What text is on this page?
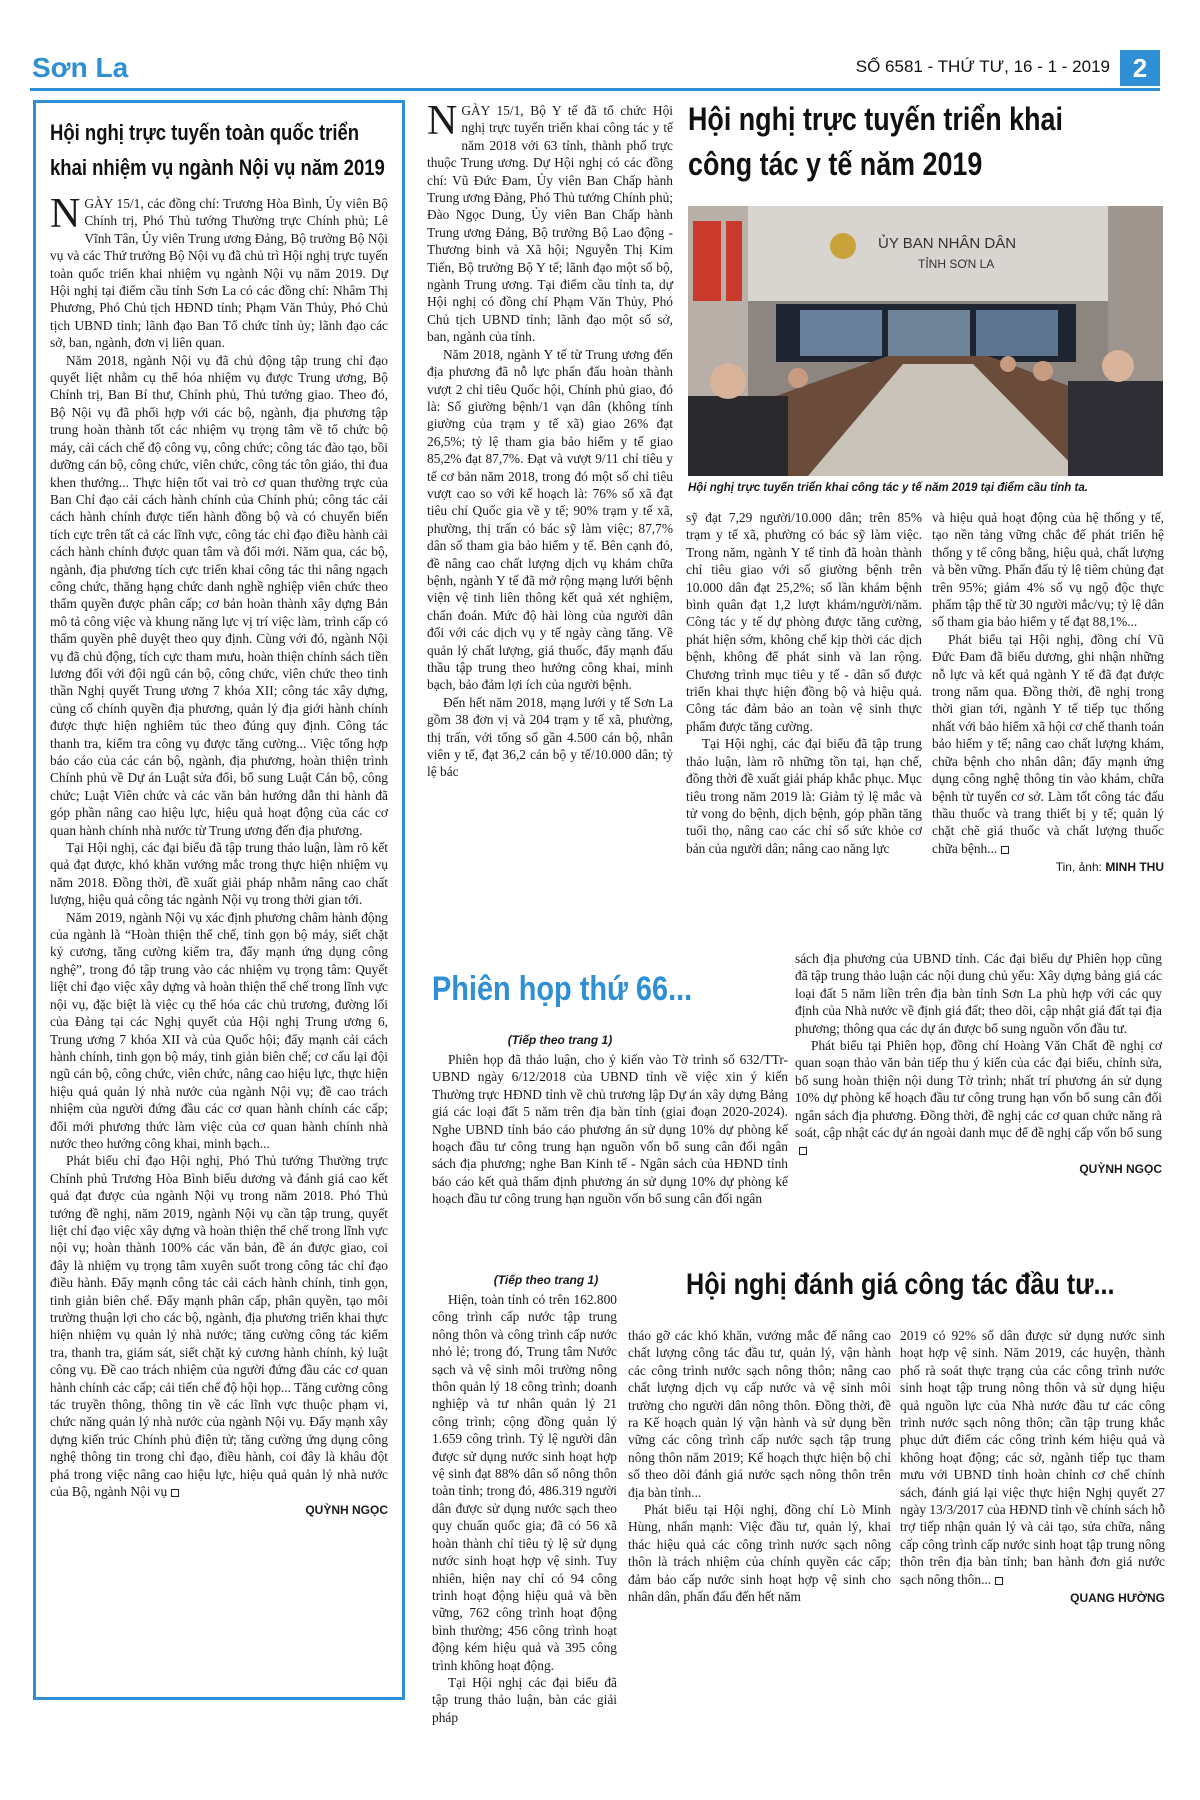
Sơn La	SỐ 6581 - THỨ TƯ, 16 - 1 - 2019 2
Hội nghị trực tuyến toàn quốc triển khai nhiệm vụ ngành Nội vụ năm 2019

NGÀY 15/1, các đồng chí: Trương Hòa Bình, Ủy viên Bộ Chính trị, Phó Thủ tướng Thường trực Chính phủ; Lê Vĩnh Tân, Ủy viên Trung ương Đảng, Bộ trưởng Bộ Nội vụ và các Thứ trưởng Bộ Nội vụ đã chủ trì Hội nghị trực tuyến toàn quốc triển khai nhiệm vụ ngành Nội vụ năm 2019. Dự Hội nghị tại điểm cầu tỉnh Sơn La có các đồng chí: Nhâm Thị Phương, Phó Chủ tịch HĐND tỉnh; Phạm Văn Thủy, Phó Chủ tịch UBND tỉnh; lãnh đạo Ban Tổ chức tỉnh ủy; lãnh đạo các sở, ban, ngành, đơn vị liên quan.

Năm 2018, ngành Nội vụ đã chủ động tập trung chỉ đạo quyết liệt nhằm cụ thể hóa nhiệm vụ được Trung ương, Bộ Chính trị, Ban Bí thư, Chính phủ, Thủ tướng giao. Theo đó, Bộ Nội vụ đã phối hợp với các bộ, ngành, địa phương tập trung hoàn thành tốt các nhiệm vụ trọng tâm về tổ chức bộ máy, cải cách chế độ công vụ, công chức; công tác đào tạo, bồi dưỡng cán bộ, công chức, viên chức, công tác tôn giáo, thi đua khen thưởng... Thực hiện tốt vai trò cơ quan thường trực của Ban Chỉ đạo cải cách hành chính của Chính phủ; công tác cải cách hành chính được tiến hành đồng bộ và có chuyển biến tích cực trên tất cả các lĩnh vực, công tác chỉ đạo điều hành cải cách hành chính được quan tâm và đổi mới. Năm qua, các bộ, ngành, địa phương tích cực triển khai công tác thi nâng ngạch công chức, thăng hạng chức danh nghề nghiệp viên chức theo thẩm quyền được phân cấp; cơ bản hoàn thành xây dựng Bản mô tả công việc và khung năng lực vị trí việc làm, trình cấp có thẩm quyền phê duyệt theo quy định. Cùng với đó, ngành Nội vụ đã chủ động, tích cực tham mưu, hoàn thiện chính sách tiền lương đối với đội ngũ cán bộ, công chức, viên chức theo tinh thần Nghị quyết Trung ương 7 khóa XII; công tác xây dựng, củng cố chính quyền địa phương, quản lý địa giới hành chính được thực hiện nghiêm túc theo đúng quy định. Công tác thanh tra, kiểm tra công vụ được tăng cường... Việc tổng hợp báo cáo của các cán bộ, ngành, địa phương, hoàn thiện trình Chính phủ về Dự án Luật sửa đổi, bổ sung Luật Cán bộ, công chức; Luật Viên chức và các văn bản hướng dẫn thi hành đã góp phần nâng cao hiệu lực, hiệu quả hoạt động của các cơ quan hành chính nhà nước từ Trung ương đến địa phương.

Tại Hội nghị, các đại biểu đã tập trung thảo luận, làm rõ kết quả đạt được, khó khăn vướng mắc trong thực hiện nhiệm vụ năm 2018. Đồng thời, đề xuất giải pháp nhằm nâng cao chất lượng, hiệu quả công tác ngành Nội vụ trong thời gian tới.

Năm 2019, ngành Nội vụ xác định phương châm hành động của ngành là “Hoàn thiện thể chế, tinh gọn bộ máy, siết chặt kỷ cương, tăng cường kiểm tra, đẩy mạnh ứng dụng công nghệ”, trong đó tập trung vào các nhiệm vụ trọng tâm: Quyết liệt chỉ đạo việc xây dựng và hoàn thiện thể chế trong lĩnh vực nội vụ, đặc biệt là việc cụ thể hóa các chủ trương, đường lối của Đảng tại các Nghị quyết của Hội nghị Trung ương 6, Trung ương 7 khóa XII và của Quốc hội; đẩy mạnh cải cách hành chính, tinh gọn bộ máy, tinh giản biên chế; cơ cấu lại đội ngũ cán bộ, công chức, viên chức, nâng cao hiệu lực, thực hiện hiệu quả quản lý nhà nước của ngành Nội vụ; đề cao trách nhiệm của người đứng đầu các cơ quan hành chính các cấp; đổi mới phương thức làm việc của cơ quan hành chính nhà nước theo hướng công khai, minh bạch...

Phát biểu chỉ đạo Hội nghị, Phó Thủ tướng Thường trực Chính phủ Trương Hòa Bình biểu dương và đánh giá cao kết quả đạt được của ngành Nội vụ trong năm 2018. Phó Thủ tướng đề nghị, năm 2019, ngành Nội vụ cần tập trung, quyết liệt chỉ đạo việc xây dựng và hoàn thiện thể chế trong lĩnh vực nội vụ; hoàn thành 100% các văn bản, đề án được giao, coi đây là nhiệm vụ trọng tâm xuyên suốt trong công tác chỉ đạo điều hành. Đẩy mạnh công tác cải cách hành chính, tinh gọn, tinh giản biên chế. Đẩy mạnh phân cấp, phân quyền, tạo môi trường thuận lợi cho các bộ, ngành, địa phương triển khai thực hiện nhiệm vụ quản lý nhà nước; tăng cường công tác kiểm tra, thanh tra, giám sát, siết chặt kỷ cương hành chính, kỷ luật công vụ. Đề cao trách nhiệm của người đứng đầu các cơ quan hành chính các cấp; cải tiến chế độ hội họp... Tăng cường công tác truyền thông, thông tin về các lĩnh vực thuộc phạm vi, chức năng quản lý nhà nước của ngành Nội vụ. Đẩy mạnh xây dựng kiến trúc Chính phủ điện tử; tăng cường ứng dụng công nghệ thông tin trong chỉ đạo, điều hành, coi đây là khâu đột phá trong việc nâng cao hiệu lực, hiệu quả quản lý nhà nước của Bộ, ngành Nội vụ

QUỲNH NGỌC

NGÀY 15/1, Bộ Y tế đã tổ chức Hội nghị trực tuyến triển khai công tác y tế năm 2018 với 63 tỉnh, thành phố trực thuộc Trung ương. Dự Hội nghị có các đồng chí: Vũ Đức Đam, Ủy viên Ban Chấp hành Trung ương Đảng, Phó Thủ tướng Chính phủ; Đào Ngọc Dung, Ủy viên Ban Chấp hành Trung ương Đảng, Bộ trưởng Bộ Lao động - Thương binh và Xã hội; Nguyễn Thị Kim Tiến, Bộ trưởng Bộ Y tế; lãnh đạo một số bộ, ngành Trung ương. Tại điểm cầu tỉnh ta, dự Hội nghị có đồng chí Phạm Văn Thủy, Phó Chủ tịch UBND tỉnh; lãnh đạo một số sở, ban, ngành của tỉnh.

Năm 2018, ngành Y tế từ Trung ương đến địa phương đã nỗ lực phấn đấu hoàn thành vượt 2 chỉ tiêu Quốc hội, Chính phủ giao, đó là: Số giường bệnh/1 vạn dân (không tính giường của trạm y tế xã) giao 26% đạt 26,5%; tỷ lệ tham gia bảo hiểm y tế giao 85,2% đạt 87,7%. Đạt và vượt 9/11 chỉ tiêu y tế cơ bản năm 2018, trong đó một số chỉ tiêu vượt cao so với kế hoạch là: 76% số xã đạt tiêu chí Quốc gia về y tế; 90% trạm y tế xã, phường, thị trấn có bác sỹ làm việc; 87,7% dân số tham gia bảo hiểm y tế. Bên cạnh đó, đề nâng cao chất lượng dịch vụ khám chữa bệnh, ngành Y tế đã mở rộng mạng lưới bệnh viện vệ tinh liên thông kết quả xét nghiệm, chẩn đoán. Mức độ hài lòng của người dân đối với các dịch vụ y tế ngày càng tăng. Về quản lý chất lượng, giá thuốc, đẩy mạnh đấu thầu tập trung theo hướng công khai, minh bạch, bảo đảm lợi ích của người bệnh.

Đến hết năm 2018, mạng lưới y tế Sơn La gồm 38 đơn vị và 204 trạm y tế xã, phường, thị trấn, với tổng số gần 4.500 cán bộ, nhân viên y tế, đạt 36,2 cán bộ y tế/10.000 dân; tỷ lệ bác

Hội nghị trực tuyến triển khai công tác y tế năm 2019
ỦY BAN NHÂN DÂN
TỈNH SƠN LA
Hội nghị trực tuyến triển khai công tác y tế năm 2019 tại điểm cầu tỉnh ta.

sỹ đạt 7,29 người/10.000 dân; trên 85% trạm y tế xã, phường có bác sỹ làm việc. Trong năm, ngành Y tế tỉnh đã hoàn thành chỉ tiêu giao với số giường bệnh trên 10.000 dân đạt 25,2%; số lần khám bệnh bình quân đạt 1,2 lượt khám/người/năm. Công tác y tế dự phòng được tăng cường, phát hiện sớm, không chế kịp thời các dịch bệnh, không để phát sinh và lan rộng. Chương trình mục tiêu y tế - dân số được triển khai thực hiện đồng bộ và hiệu quả. Công tác đảm bảo an toàn vệ sinh thực phẩm được tăng cường.

Tại Hội nghị, các đại biểu đã tập trung thảo luận, làm rõ những tồn tại, hạn chế, đồng thời đề xuất giải pháp khắc phục. Mục tiêu trong năm 2019 là: Giảm tỷ lệ mắc và tử vong do bệnh, dịch bệnh, góp phần tăng tuổi thọ, nâng cao các chỉ số sức khỏe cơ bản của người dân; nâng cao năng lực

và hiệu quả hoạt động của hệ thống y tế, tạo nền tảng vững chắc để phát triển hệ thống y tế công bằng, hiệu quả, chất lượng và bền vững. Phấn đấu tỷ lệ tiêm chủng đạt trên 95%; giảm 4% số vụ ngộ độc thực phẩm tập thể từ 30 người mắc/vụ; tỷ lệ dân số tham gia bảo hiểm y tế đạt 88,1%...

Phát biểu tại Hội nghị, đồng chí Vũ Đức Đam đã biểu dương, ghi nhận những nỗ lực và kết quả ngành Y tế đã đạt được trong năm qua. Đồng thời, đề nghị trong thời gian tới, ngành Y tế tiếp tục thống nhất với bảo hiểm xã hội cơ chế thanh toán bảo hiểm y tế; nâng cao chất lượng khám, chữa bệnh cho nhân dân; đẩy mạnh ứng dụng công nghệ thông tin vào khám, chữa bệnh từ tuyến cơ sở. Làm tốt công tác đấu thầu thuốc và trang thiết bị y tế; quản lý chặt chẽ giá thuốc và chất lượng thuốc chữa bệnh...

Tin, ảnh: MINH THU
Phiên họp thứ 66...
(Tiếp theo trang 1)

Phiên họp đã thảo luận, cho ý kiến vào Tờ trình số 632/TTr-UBND ngày 6/12/2018 của UBND tỉnh về việc xin ý kiến Thường trực HĐND tỉnh về chủ trương lập Dự án xây dựng Bảng giá các loại đất 5 năm trên địa bàn tỉnh (giai đoạn 2020-2024). Nghe UBND tỉnh báo cáo phương án sử dụng 10% dự phòng kế hoạch đầu tư công trung hạn nguồn vốn bổ sung cân đối ngân sách địa phương; nghe Ban Kinh tế - Ngân sách của HĐND tỉnh báo cáo kết quả thẩm định phương án sử dụng 10% dự phòng kế hoạch đầu tư công trung hạn nguồn vốn bổ sung cân đối ngân

sách địa phương của UBND tỉnh. Các đại biểu dự Phiên họp cũng đã tập trung thảo luận các nội dung chủ yếu: Xây dựng bảng giá các loại đất 5 năm liền trên địa bàn tỉnh Sơn La phù hợp với các quy định của Nhà nước về định giá đất; theo dõi, cập nhật giá đất tại địa phương; thông qua các dự án được bổ sung nguồn vốn đầu tư.

Phát biểu tại Phiên họp, đồng chí Hoàng Văn Chất đề nghị cơ quan soạn thảo văn bản tiếp thu ý kiến của các đại biểu, chỉnh sửa, bổ sung hoàn thiện nội dung Tờ trình; nhất trí phương án sử dụng 10% dự phòng kế hoạch đầu tư công trung hạn vốn bổ sung cân đối ngân sách địa phương. Đồng thời, đề nghị các cơ quan chức năng rà soát, cập nhật các dự án ngoài danh mục để đề nghị cấp vốn bổ sung

QUỲNH NGỌC
(Tiếp theo trang 1)

Hiện, toàn tỉnh có trên 162.800 công trình cấp nước tập trung nông thôn và công trình cấp nước nhỏ lẻ; trong đó, Trung tâm Nước sạch và vệ sinh môi trường nông thôn quản lý 18 công trình; doanh nghiệp và tư nhân quản lý 21 công trình; cộng đồng quản lý 1.659 công trình. Tỷ lệ người dân được sử dụng nước sinh hoạt hợp vệ sinh đạt 88% dân số nông thôn toàn tỉnh; trong đó, 486.319 người dân được sử dụng nước sạch theo quy chuẩn quốc gia; đã có 56 xã hoàn thành chỉ tiêu tỷ lệ sử dụng nước sinh hoạt hợp vệ sinh. Tuy nhiên, hiện nay chỉ có 94 công trình hoạt động hiệu quả và bền vững, 762 công trình hoạt động bình thường; 456 công trình hoạt động kém hiệu quả và 395 công trình không hoạt động.

Tại Hội nghị các đại biểu đã tập trung thảo luận, bàn các giải pháp

Hội nghị đánh giá công tác đầu tư...

tháo gỡ các khó khăn, vướng mắc để nâng cao chất lượng công tác đầu tư, quản lý, vận hành các công trình nước sạch nông thôn; nâng cao chất lượng dịch vụ cấp nước và vệ sinh môi trường cho người dân nông thôn. Đồng thời, đề ra Kế hoạch quản lý vận hành và sử dụng bền vững các công trình cấp nước sạch tập trung nông thôn năm 2019; Kế hoạch thực hiện bộ chỉ số theo dõi đánh giá nước sạch nông thôn trên địa bàn tỉnh...

Phát biểu tại Hội nghị, đồng chí Lò Minh Hùng, nhấn mạnh: Việc đầu tư, quản lý, khai thác hiệu quả các công trình nước sạch nông thôn là trách nhiệm của chính quyền các cấp; đảm bảo cấp nước sinh hoạt hợp vệ sinh cho nhân dân, phấn đấu đến hết năm

2019 có 92% số dân được sử dụng nước sinh hoạt hợp vệ sinh. Năm 2019, các huyện, thành phố rà soát thực trạng của các công trình nước sinh hoạt tập trung nông thôn và sử dụng hiệu quả nguồn lực của Nhà nước đầu tư các công trình nước sạch nông thôn; cần tập trung khắc phục dứt điểm các công trình kém hiệu quả và không hoạt động; các sở, ngành tiếp tục tham mưu với UBND tỉnh hoàn chỉnh cơ chế chính sách, đánh giá lại việc thực hiện Nghị quyết 27 ngày 13/3/2017 của HĐND tỉnh về chính sách hỗ trợ tiếp nhận quản lý và cải tạo, sửa chữa, nâng cấp công trình cấp nước sinh hoạt tập trung nông thôn trên địa bàn tỉnh; ban hành đơn giá nước sạch nông thôn...

QUANG HƯỜNG
